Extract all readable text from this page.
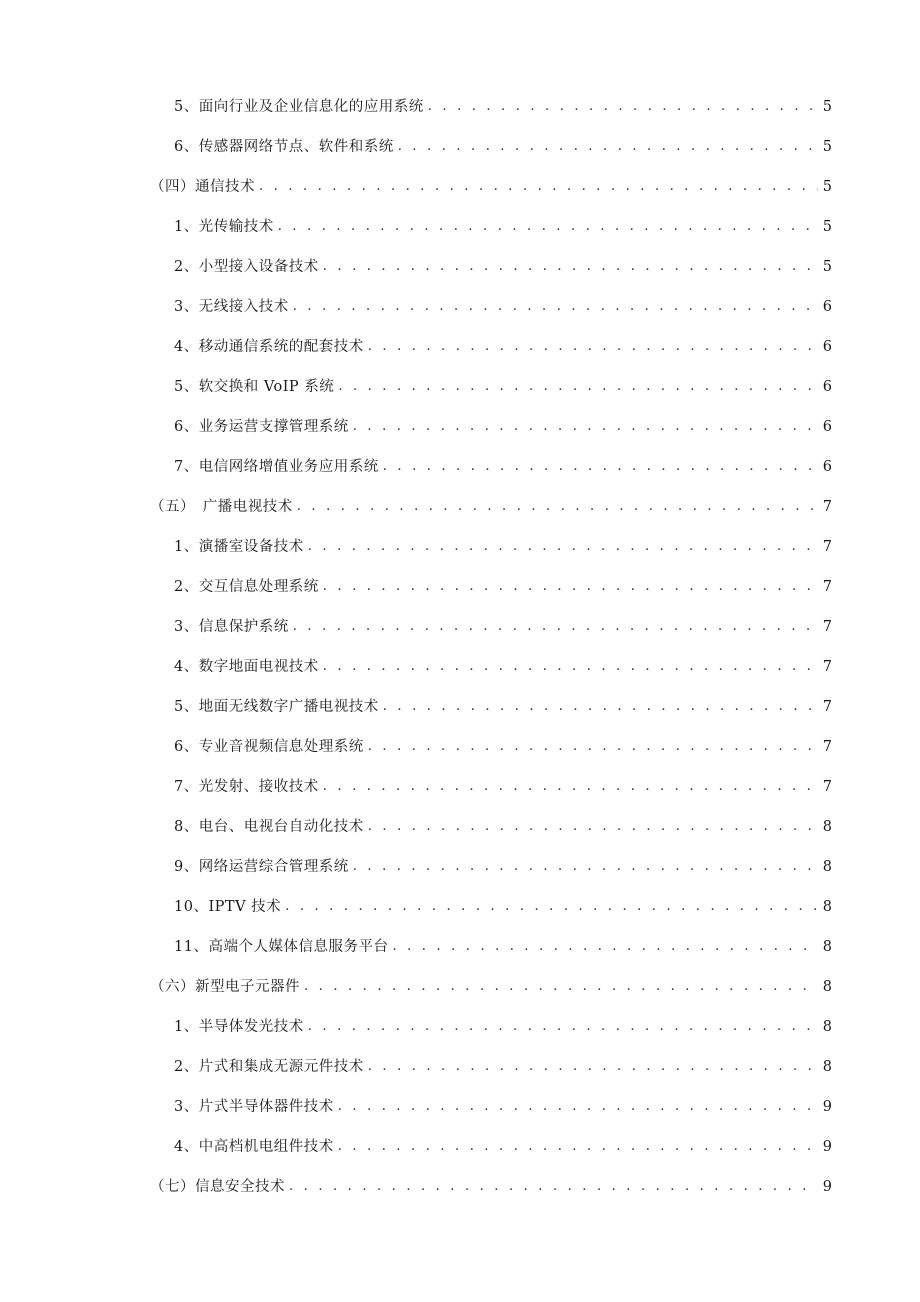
5、面向行业及企业信息化的应用系统 . . .	5
6、传感器网络节点、软件和系统 . . .	5
（四）通信技术 . . .	5
1、光传输技术 . . .	5
2、小型接入设备技术 . . .	5
3、无线接入技术 . . .	6
4、移动通信系统的配套技术 . . .	6
5、软交换和 VoIP 系统 . . .	6
6、业务运营支撑管理系统 . . .	6
7、电信网络增值业务应用系统 . . .	6
（五）　广播电视技术 . . .	7
1、演播室设备技术 . . .	7
2、交互信息处理系统 . . .	7
3、信息保护系统 . . .	7
4、数字地面电视技术 . . .	7
5、地面无线数字广播电视技术 . . .	7
6、专业音视频信息处理系统 . . .	7
7、光发射、接收技术 . . .	7
8、电台、电视台自动化技术 . . .	8
9、网络运营综合管理系统 . . .	8
10、IPTV 技术 . . .	8
11、高端个人媒体信息服务平台 . . .	8
（六）新型电子元器件 . . .	8
1、半导体发光技术 . . .	8
2、片式和集成无源元件技术 . . .	8
3、片式半导体器件技术 . . .	9
4、中高档机电组件技术 . . .	9
（七）信息安全技术 . . .	9
